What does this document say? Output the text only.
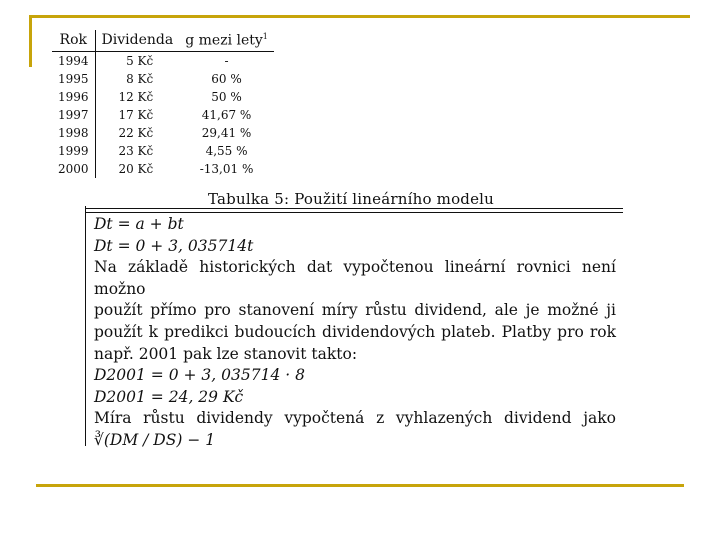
Rok	Dividenda	g mezi lety$^1$
1994	5 Kč	-
1995	8 Kč	60 %
1996	12 Kč	50 %
1997	17 Kč	41,67 %
1998	22 Kč	29,41 %
1999	23 Kč	4,55 %
2000	20 Kč	-13,01 %
Tabulka 5: Použití lineárního modelu
Dt = a + bt
Dt = 0 + 3, 035714t
Na základě historických dat vypočtenou lineární rovnici není možno
použít přímo pro stanovení míry růstu dividend, ale je možné ji
použít k predikci budoucích dividendových plateb. Platby pro rok
např. 2001 pak lze stanovit takto:
D2001 = 0 + 3, 035714 · 8
D2001 = 24, 29 Kč
Míra růstu dividendy vypočtená z vyhlazených dividend jako
∛(DM / DS) − 1
